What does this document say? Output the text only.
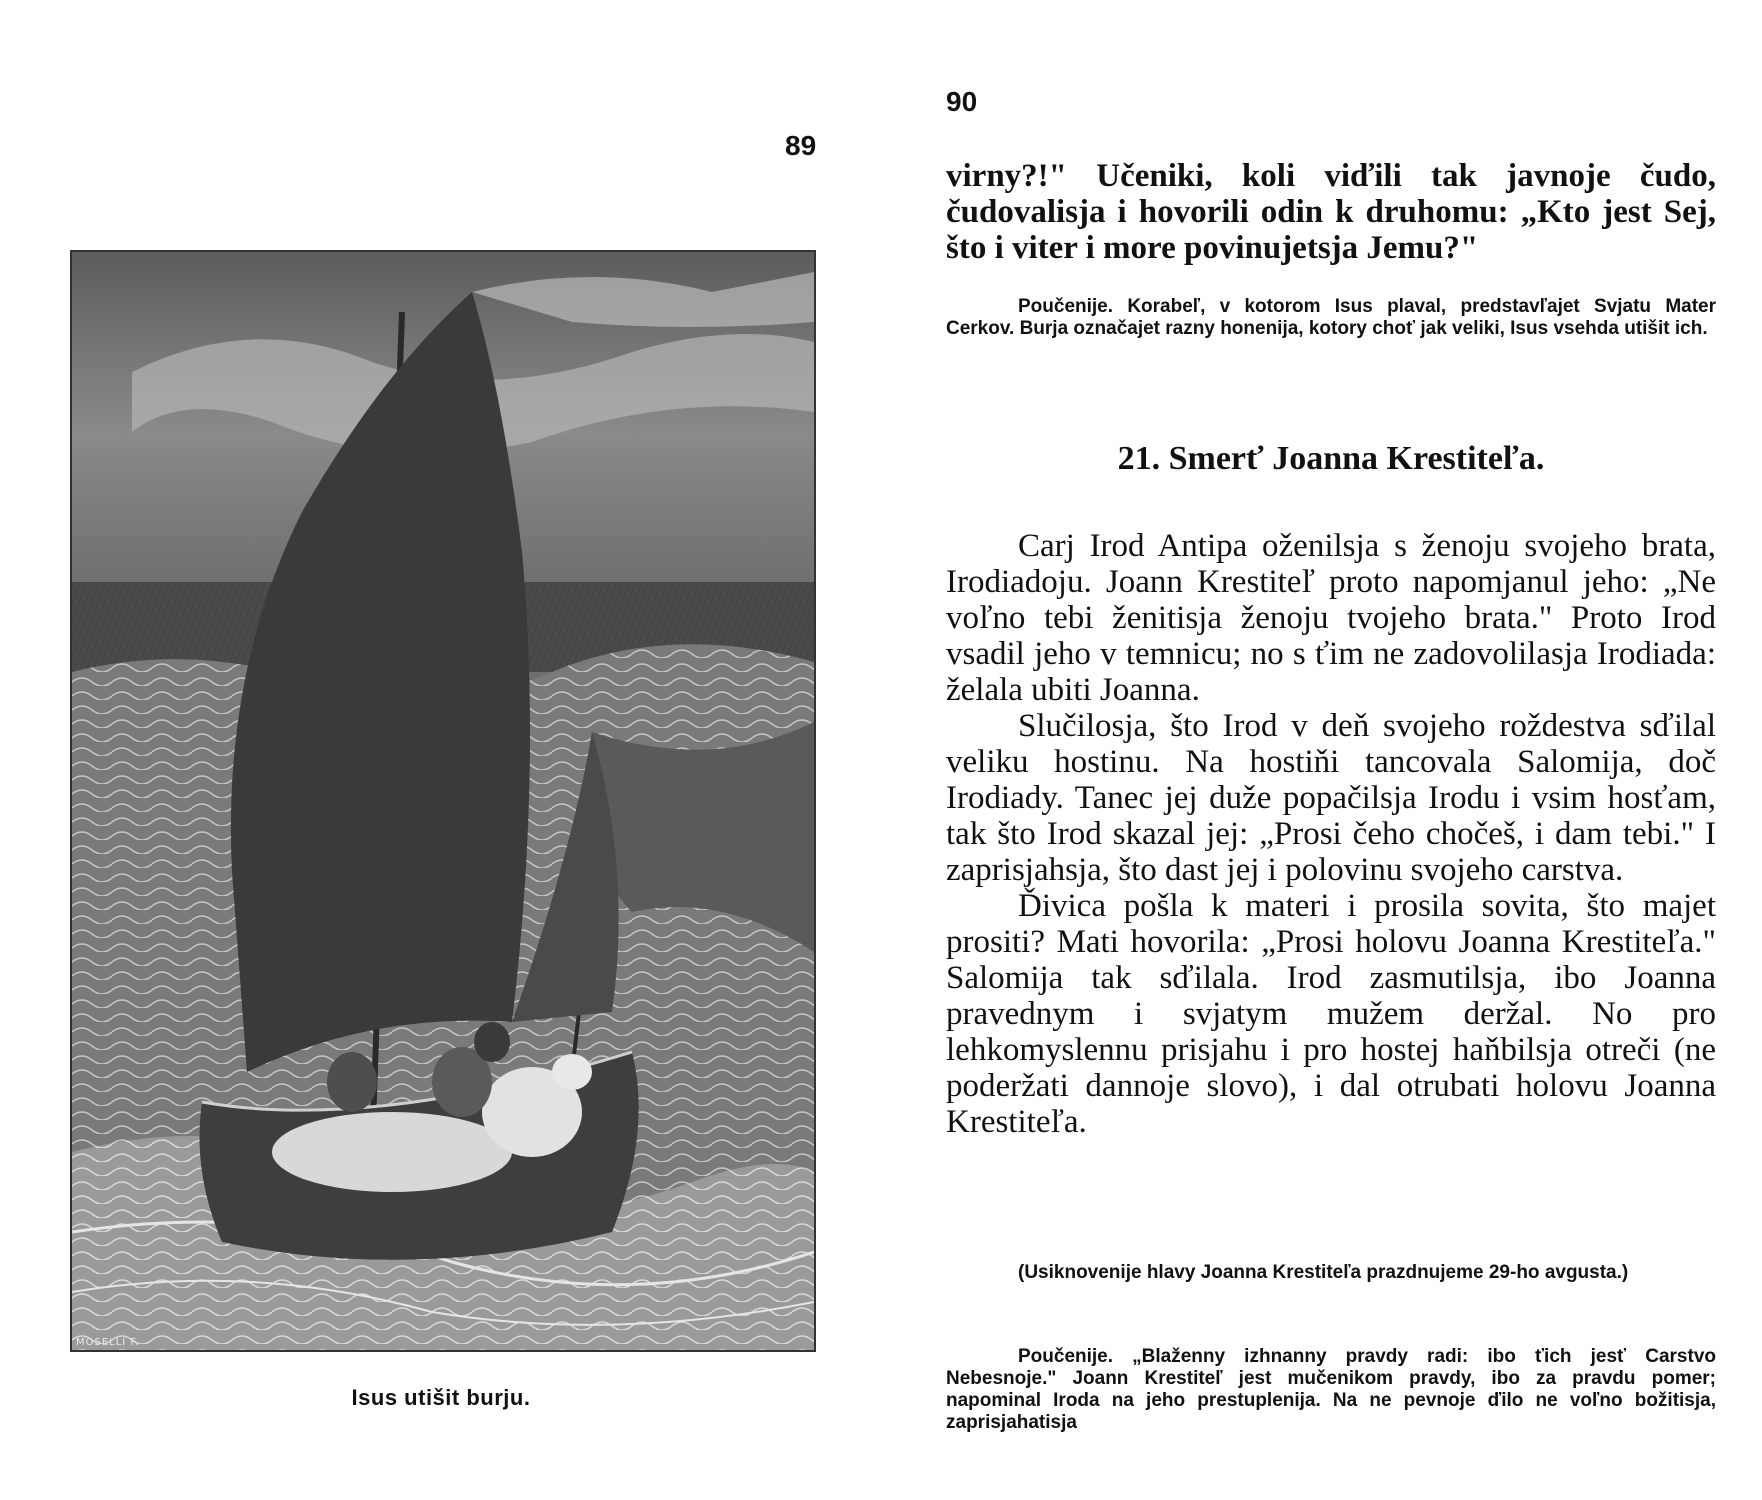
89
MOSELLI F.
Isus utišit burju.
90

virny?!" Učeniki, koli viďili tak javnoje čudo, čudovalisja i hovorili odin k druhomu: „Kto jest Sej, što i viter i more povinujetsja Jemu?"

Poučenije. Korabeľ, v kotorom Isus plaval, predstavľajet Svjatu Mater Cerkov. Burja označajet razny honenija, kotory choť jak veliki, Isus vsehda utišit ich.
21. Smerť Joanna Krestiteľa.

Carj Irod Antipa oženilsja s ženoju svojeho brata, Irodiadoju. Joann Krestiteľ proto napomjanul jeho: „Ne voľno tebi ženitisja ženoju tvojeho brata." Proto Irod vsadil jeho v temnicu; no s ťim ne zadovolilasja Irodiada: želala ubiti Joanna.

Slučilosja, što Irod v deň svojeho roždestva sďilal veliku hostinu. Na hostiňi tancovala Salomija, doč Irodiady. Tanec jej duže popačilsja Irodu i vsim hosťam, tak što Irod skazal jej: „Prosi čeho chočeš, i dam tebi." I zaprisjahsja, što dast jej i polovinu svojeho carstva.

Ďivica pošla k materi i prosila sovita, što majet prositi? Mati hovorila: „Prosi holovu Joanna Krestiteľa." Salomija tak sďilala. Irod zasmutilsja, ibo Joanna pravednym i svjatym mužem deržal. No pro lehkomyslennu prisjahu i pro hostej haňbilsja otreči (ne poderžati dannoje slovo), i dal otrubati holovu Joanna Krestiteľa.

(Usiknovenije hlavy Joanna Krestiteľa prazdnujeme 29-ho avgusta.)
Poučenije. „Blaženny izhnanny pravdy radi: ibo ťich jesť Carstvo Nebesnoje." Joann Krestiteľ jest mučenikom pravdy, ibo za pravdu pomer; napominal Iroda na jeho prestuplenija. Na ne pevnoje ďilo ne voľno božitisja, zaprisjahatisja
